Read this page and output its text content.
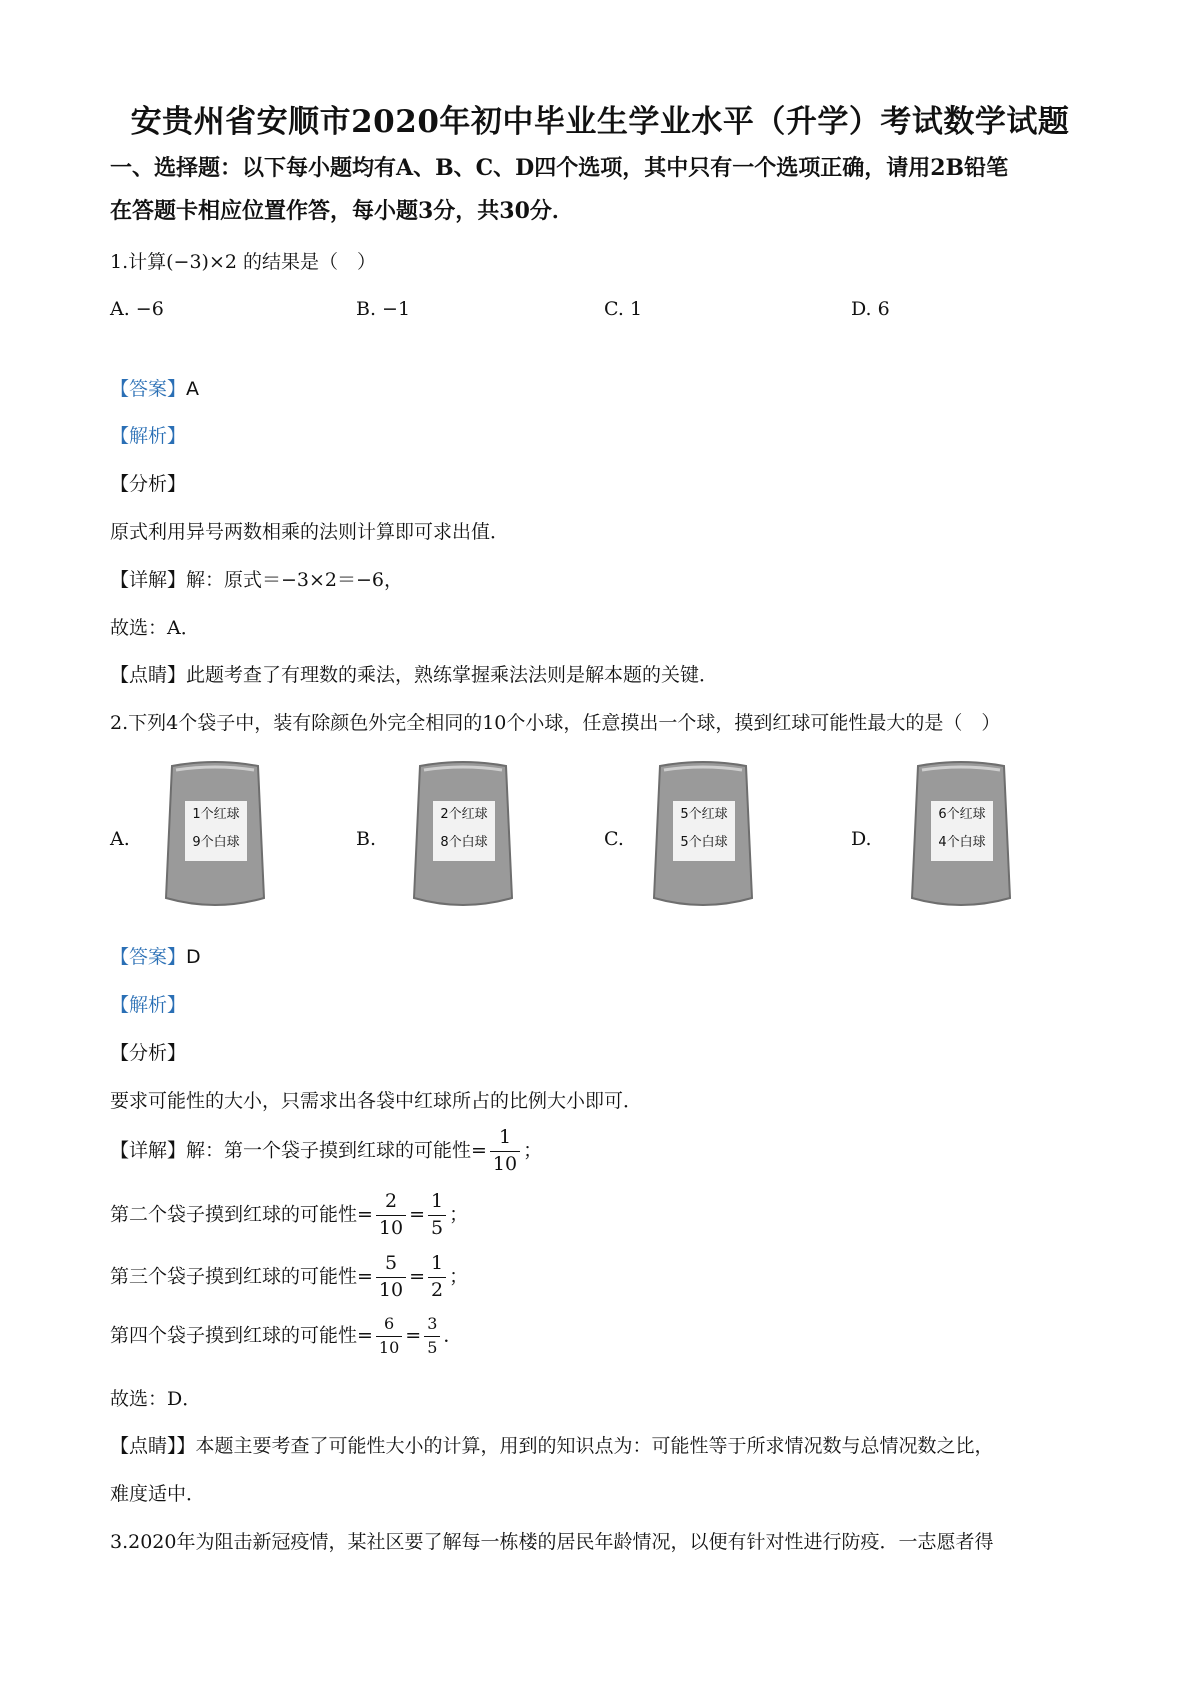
安贵州省安顺市2020年初中毕业生学业水平（升学）考试数学试题
一、选择题：以下每小题均有A、B、C、D四个选项，其中只有一个选项正确，请用2B铅笔
在答题卡相应位置作答，每小题3分，共30分．
1.计算(−3)×2 的结果是（　）
A. −6	B. −1	C. 1	D. 6
【答案】A
【解析】
【分析】
原式利用异号两数相乘的法则计算即可求出值．
【详解】解：原式＝−3×2＝−6，
故选：A．
【点睛】此题考查了有理数的乘法，熟练掌握乘法法则是解本题的关键．
2.下列4个袋子中，装有除颜色外完全相同的10个小球，任意摸出一个球，摸到红球可能性最大的是（　）
A.
1个红球
9个白球	B.
2个红球
8个白球	C.
5个红球
5个白球	D.
6个红球
4个白球
【答案】D
【解析】
【分析】
要求可能性的大小，只需求出各袋中红球所占的比例大小即可．
【详解】解：第一个袋子摸到红球的可能性= $\frac{1}{10}$ ；
第二个袋子摸到红球的可能性= $\frac{2}{10} = \frac{1}{5}$ ；
第三个袋子摸到红球的可能性= $\frac{5}{10} = \frac{1}{2}$ ；
第四个袋子摸到红球的可能性= $\frac{6}{10} = \frac{3}{5}$ ．
故选：D．
【点睛】】本题主要考查了可能性大小的计算，用到的知识点为：可能性等于所求情况数与总情况数之比，
难度适中．
3.2020年为阻击新冠疫情，某社区要了解每一栋楼的居民年龄情况，以便有针对性进行防疫．一志愿者得
